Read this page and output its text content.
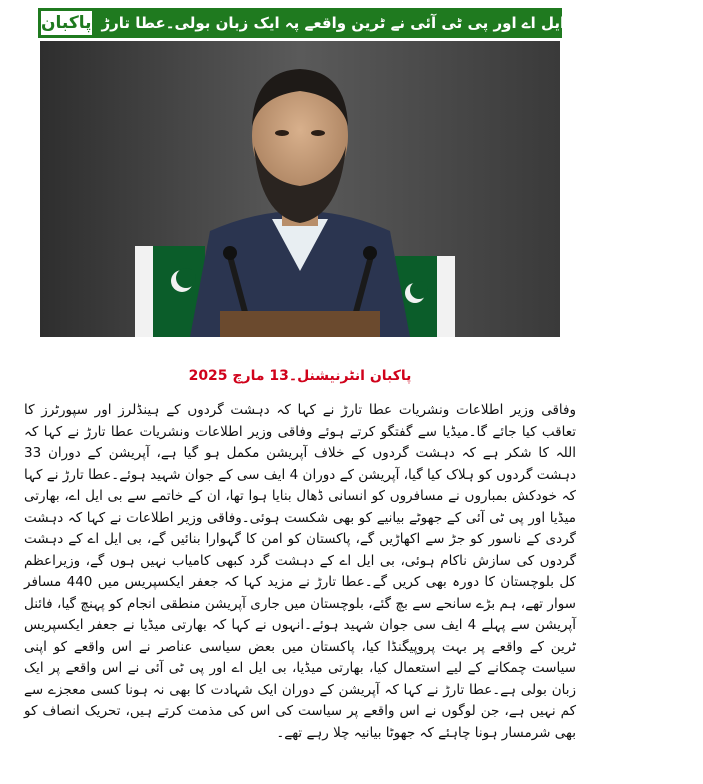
پاکبان بھارتی میڈیا، بی ایل اے اور پی ٹی آئی نے ٹرین واقعے پہ ایک زبان بولی۔عطا تارڑ
پاکبان انٹرنیشنل۔13 مارچ 2025

وفاقی وزیر اطلاعات ونشریات عطا تارڑ نے کہا کہ دہشت گردوں کے ہینڈلرز اور سپورٹرز کا تعاقب کیا جائے گا۔میڈیا سے گفتگو کرتے ہوئے وفاقی وزیر اطلاعات ونشریات عطا تارڑ نے کہا کہ اللہ کا شکر ہے کہ دہشت گردوں کے خلاف آپریشن مکمل ہو گیا ہے، آپریشن کے دوران 33 دہشت گردوں کو ہلاک کیا گیا، آپریشن کے دوران 4 ایف سی کے جوان شہید ہوئے۔عطا تارڑ نے کہا کہ خودکش بمباروں نے مسافروں کو انسانی ڈھال بنایا ہوا تھا، ان کے خاتمے سے بی ایل اے، بھارتی میڈیا اور پی ٹی آئی کے جھوٹے بیانیے کو بھی شکست ہوئی۔وفاقی وزیر اطلاعات نے کہا کہ دہشت گردی کے ناسور کو جڑ سے اکھاڑیں گے، پاکستان کو امن کا گہوارا بنائیں گے، بی ایل اے کے دہشت گردوں کی سازش ناکام ہوئی، بی ایل اے کے دہشت گرد کبھی کامیاب نہیں ہوں گے، وزیراعظم کل بلوچستان کا دورہ بھی کریں گے۔عطا تارڑ نے مزید کہا کہ جعفر ایکسپریس میں 440 مسافر سوار تھے، ہم بڑے سانحے سے بچ گئے، بلوچستان میں جاری آپریشن منطقی انجام کو پہنچ گیا، فائنل آپریشن سے پہلے 4 ایف سی جوان شہید ہوئے۔انہوں نے کہا کہ بھارتی میڈیا نے جعفر ایکسپریس ٹرین کے واقعے پر بہت پروپیگنڈا کیا، پاکستان میں بعض سیاسی عناصر نے اس واقعے کو اپنی سیاست چمکانے کے لیے استعمال کیا، بھارتی میڈیا، بی ایل اے اور پی ٹی آئی نے اس واقعے پر ایک زبان بولی ہے۔عطا تارڑ نے کہا کہ آپریشن کے دوران ایک شہادت کا بھی نہ ہونا کسی معجزے سے کم نہیں ہے، جن لوگوں نے اس واقعے پر سیاست کی اس کی مذمت کرتے ہیں، تحریک انصاف کو بھی شرمسار ہونا چاہئے کہ جھوٹا بیانیہ چلا رہے تھے۔
